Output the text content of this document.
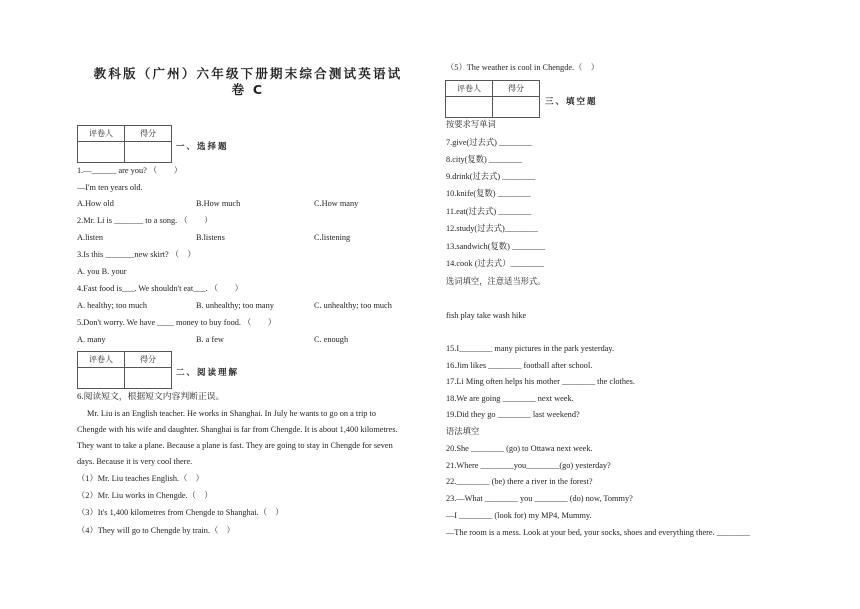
教科版（广州）六年级下册期末综合测试英语试
卷 C
评卷人	得分

一、选择题
1.—______ are you? （　　）
—I'm ten years old.
A.How old	B.How much	C.How many
2.Mr. Li is _______ to a song. （　　）
A.listen	B.listens	C.listening
3.Is this _______new skirt? （　）
A. you B. your
4.Fast food is___. We shouldn't eat___. （　　）
A. healthy; too much	B. unhealthy; too many	C. unhealthy; too much
5.Don't worry. We have ____ money to buy food. （　　）
A. many	B. a few	C. enough
评卷人	得分

二、阅读理解
6.阅读短文，根据短文内容判断正误。
Mr. Liu is an English teacher. He works in Shanghai. In July he wants to go on a trip to Chengde with his wife and daughter. Shanghai is far from Chengde. It is about 1,400 kilometres. They want to take a plane. Because a plane is fast. They are going to stay in Chengde for seven days. Because it is very cool there.
（1）Mr. Liu teaches English.（　）
（2）Mr. Liu works in Chengde.（　）
（3）It's 1,400 kilometres from Chengde to Shanghai.（　）
（4）They will go to Chengde by train.（　）
（5）The weather is cool in Chengde.（　）
评卷人	得分

三、填空题
按要求写单词
7.give(过去式) ________
8.city(复数) ________
9.drink(过去式) ________
10.knife(复数) ________
11.eat(过去式) ________
12.study(过去式)________
13.sandwich(复数) ________
14.cook (过去式）________
选词填空，注意适当形式。
fish play take wash hike
15.I________ many pictures in the park yesterday.
16.Jim likes ________ football after school.
17.Li Ming often helps his mother ________ the clothes.
18.We are going ________ next week.
19.Did they go ________ last weekend?
语法填空
20.She ________ (go) to Ottawa next week.
21.Where ________you________(go) yesterday?
22.________ (be) there a river in the forest?
23.—What ________ you ________ (do) now, Tommy?
—I ________ (look for) my MP4, Mummy.
—The room is a mess. Look at your bed, your socks, shoes and everything there. ________
